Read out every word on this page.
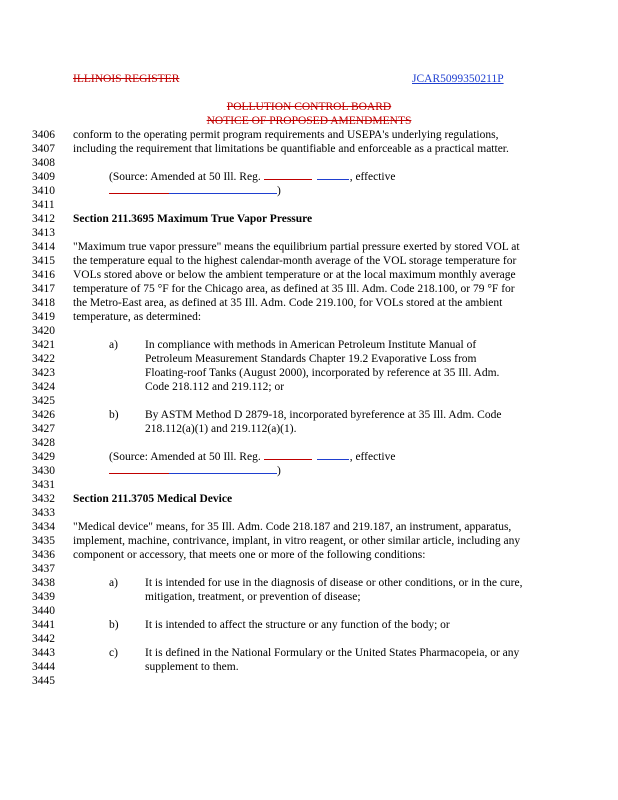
ILLINOIS REGISTER	JCAR5099350211P
POLLUTION CONTROL BOARD
NOTICE OF PROPOSED AMENDMENTS
3406
3407
3408
3409
3410
3411
3412
3413
3414
3415
3416
3417
3418
3419
3420
3421
3422
3423
3424
3425
3426
3427
3428
3429
3430
3431
3432
3433
3434
3435
3436
3437
3438
3439
3440
3441
3442
3443
3444
3445
conform to the operating permit program requirements and USEPA's underlying regulations,
including the requirement that limitations be quantifiable and enforceable as a practical matter.
(Source: Amended at 50 Ill. Reg.	, effective
)
Section 211.3695 Maximum True Vapor Pressure
"Maximum true vapor pressure" means the equilibrium partial pressure exerted by stored VOL at
the temperature equal to the highest calendar-month average of the VOL storage temperature for
VOLs stored above or below the ambient temperature or at the local maximum monthly average
temperature of 75 °F for the Chicago area, as defined at 35 Ill. Adm. Code 218.100, or 79 °F for
the Metro-East area, as defined at 35 Ill. Adm. Code 219.100, for VOLs stored at the ambient
temperature, as determined:
a) In compliance with methods in American Petroleum Institute Manual of
Petroleum Measurement Standards Chapter 19.2 Evaporative Loss from
Floating-roof Tanks (August 2000), incorporated by reference at 35 Ill. Adm.
Code 218.112 and 219.112; or
b) By ASTM Method D 2879-18, incorporated byreference at 35 Ill. Adm. Code
218.112(a)(1) and 219.112(a)(1).
(Source: Amended at 50 Ill. Reg.	, effective
)
Section 211.3705 Medical Device
"Medical device" means, for 35 Ill. Adm. Code 218.187 and 219.187, an instrument, apparatus,
implement, machine, contrivance, implant, in vitro reagent, or other similar article, including any
component or accessory, that meets one or more of the following conditions:
a) It is intended for use in the diagnosis of disease or other conditions, or in the cure,
mitigation, treatment, or prevention of disease;
b) It is intended to affect the structure or any function of the body; or
c) It is defined in the National Formulary or the United States Pharmacopeia, or any
supplement to them.
